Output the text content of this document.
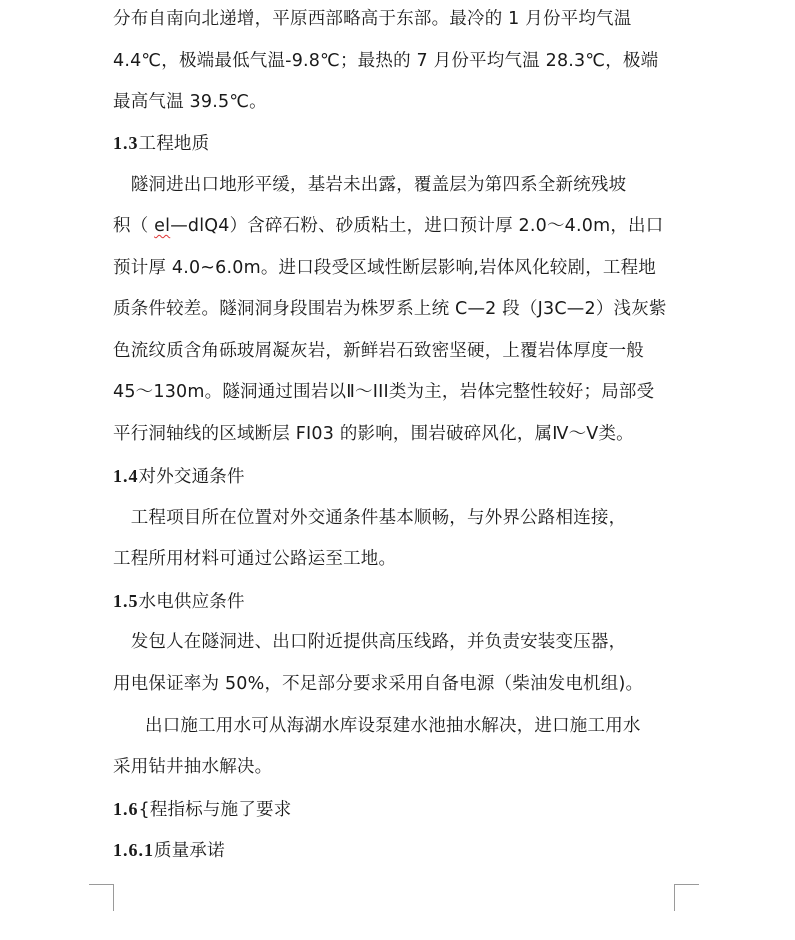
分布自南向北递增，平原西部略高于东部。最冷的 1 月份平均气温
4.4℃，极端最低气温-9.8℃；最热的 7 月份平均气温 28.3℃，极端
最高气温 39.5℃。
1.3工程地质
　隧洞进出口地形平缓，基岩未出露，覆盖层为第四系全新统残坡
积（ el—dlQ4）含碎石粉、砂质粘土，进口预计厚 2.0～4.0m，出口
预计厚 4.0~6.0m。进口段受区域性断层影响,岩体风化较剧，工程地
质条件较差。隧洞洞身段围岩为株罗系上统 C—2 段（J3C—2）浅灰紫
色流纹质含角砾玻屑凝灰岩，新鲜岩石致密坚硬，上覆岩体厚度一般
45～130m。隧洞通过围岩以Ⅱ～III类为主，岩体完整性较好；局部受
平行洞轴线的区域断层 FI03 的影响，围岩破碎风化，属Ⅳ～Ⅴ类。
1.4对外交通条件
　工程项目所在位置对外交通条件基本顺畅，与外界公路相连接，
工程所用材料可通过公路运至工地。
1.5水电供应条件
　发包人在隧洞进、出口附近提供高压线路，并负责安装变压器，
用电保证率为 50%，不足部分要求采用自备电源（柴油发电机组)。
出口施工用水可从海湖水库设泵建水池抽水解决，进口施工用水
采用钻井抽水解决。
1.6{程指标与施了要求
1.6.1质量承诺
